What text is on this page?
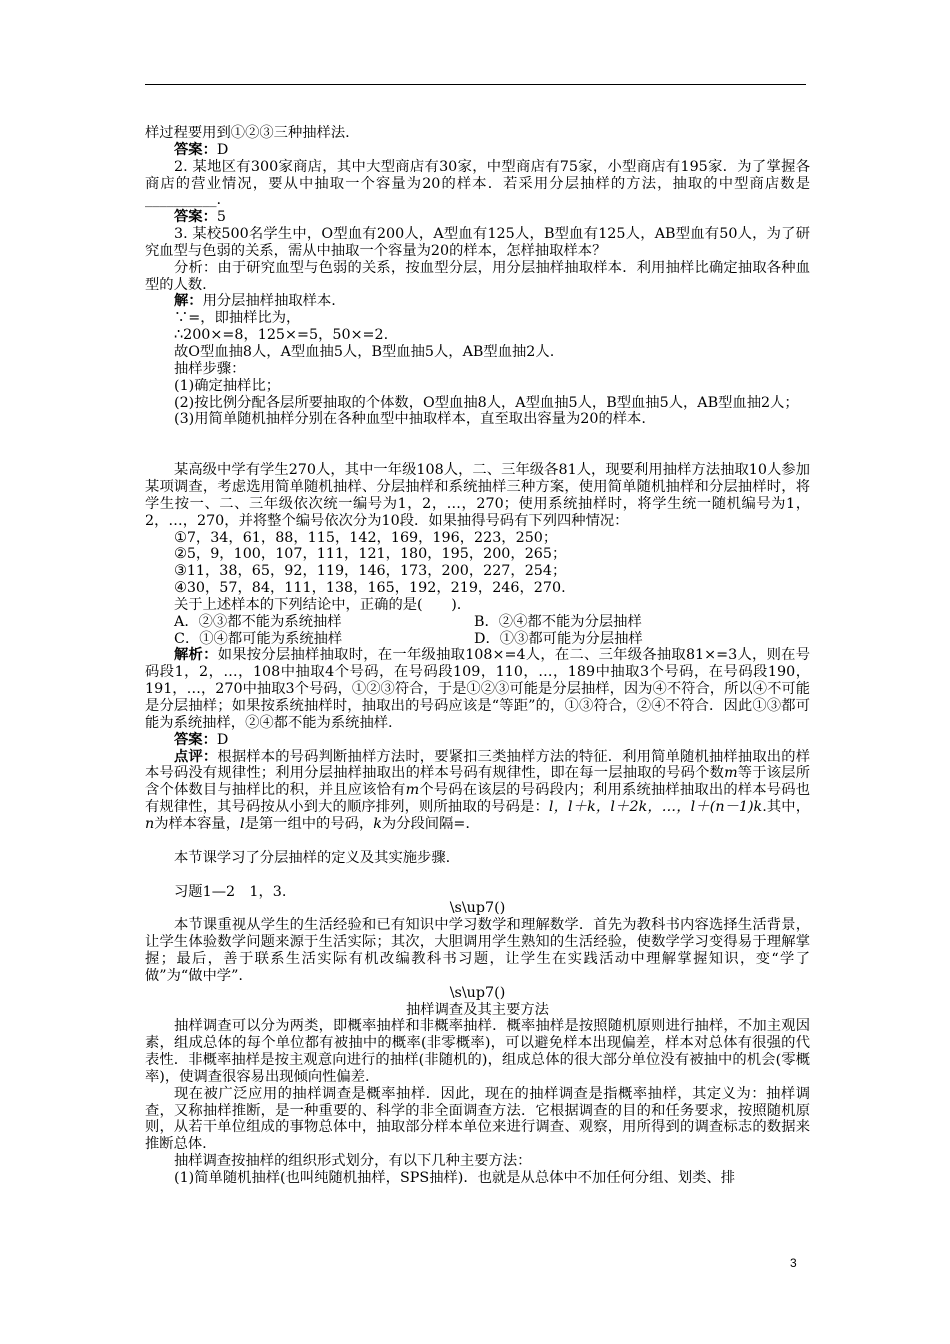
样过程要用到①②③三种抽样法.

答案：D

2. 某地区有300家商店，其中大型商店有30家，中型商店有75家，小型商店有195家．为了掌握各商店的营业情况，要从中抽取一个容量为20的样本．若采用分层抽样的方法，抽取的中型商店数是__________.

答案：5

3. 某校500名学生中，O型血有200人，A型血有125人，B型血有125人，AB型血有50人，为了研究血型与色弱的关系，需从中抽取一个容量为20的样本，怎样抽取样本？

分析：由于研究血型与色弱的关系，按血型分层，用分层抽样抽取样本．利用抽样比确定抽取各种血型的人数.

解：用分层抽样抽取样本.

∵=，即抽样比为，

∴200×=8，125×=5，50×=2.

故O型血抽8人，A型血抽5人，B型血抽5人，AB型血抽2人.

抽样步骤：

(1)确定抽样比；

(2)按比例分配各层所要抽取的个体数，O型血抽8人，A型血抽5人，B型血抽5人，AB型血抽2人；

(3)用简单随机抽样分别在各种血型中抽取样本，直至取出容量为20的样本.

某高级中学有学生270人，其中一年级108人，二、三年级各81人，现要利用抽样方法抽取10人参加某项调查，考虑选用简单随机抽样、分层抽样和系统抽样三种方案，使用简单随机抽样和分层抽样时，将学生按一、二、三年级依次统一编号为1，2，…，270；使用系统抽样时，将学生统一随机编号为1，2，…，270，并将整个编号依次分为10段．如果抽得号码有下列四种情况：

①7，34，61，88，115，142，169，196，223，250；

②5，9，100，107，111，121，180，195，200，265；

③11，38，65，92，119，146，173，200，227，254；

④30，57，84，111，138，165，192，219，246，270.

关于上述样本的下列结论中，正确的是(　　).

A．②③都不能为系统抽样	B．②④都不能为分层抽样
C．①④都可能为系统抽样	D．①③都可能为分层抽样

解析：如果按分层抽样抽取时，在一年级抽取108×=4人，在二、三年级各抽取81×=3人，则在号码段1，2，…，108中抽取4个号码，在号码段109，110，…，189中抽取3个号码，在号码段190，191，…，270中抽取3个号码，①②③符合，于是①②③可能是分层抽样，因为④不符合，所以④不可能是分层抽样；如果按系统抽样时，抽取出的号码应该是“等距”的，①③符合，②④不符合．因此①③都可能为系统抽样，②④都不能为系统抽样.

答案：D

点评：根据样本的号码判断抽样方法时，要紧扣三类抽样方法的特征．利用简单随机抽样抽取出的样本号码没有规律性；利用分层抽样抽取出的样本号码有规律性，即在每一层抽取的号码个数m等于该层所含个体数目与抽样比的积，并且应该恰有m个号码在该层的号码段内；利用系统抽样抽取出的样本号码也有规律性，其号码按从小到大的顺序排列，则所抽取的号码是：l，l＋k，l＋2k，…，l＋(n－1)k.其中，n为样本容量，l是第一组中的号码，k为分段间隔=.

本节课学习了分层抽样的定义及其实施步骤.

习题1—2　1，3.

\s\up7()

本节课重视从学生的生活经验和已有知识中学习数学和理解数学．首先为教科书内容选择生活背景，让学生体验数学问题来源于生活实际；其次，大胆调用学生熟知的生活经验，使数学学习变得易于理解掌握；最后，善于联系生活实际有机改编教科书习题，让学生在实践活动中理解掌握知识，变“学了做”为“做中学”.

\s\up7()

抽样调查及其主要方法

抽样调查可以分为两类，即概率抽样和非概率抽样．概率抽样是按照随机原则进行抽样，不加主观因素，组成总体的每个单位都有被抽中的概率(非零概率)，可以避免样本出现偏差，样本对总体有很强的代表性．非概率抽样是按主观意向进行的抽样(非随机的)，组成总体的很大部分单位没有被抽中的机会(零概率)，使调查很容易出现倾向性偏差.

现在被广泛应用的抽样调查是概率抽样．因此，现在的抽样调查是指概率抽样，其定义为：抽样调查，又称抽样推断，是一种重要的、科学的非全面调查方法．它根据调查的目的和任务要求，按照随机原则，从若干单位组成的事物总体中，抽取部分样本单位来进行调查、观察，用所得到的调查标志的数据来推断总体.

抽样调查按抽样的组织形式划分，有以下几种主要方法：

(1)简单随机抽样(也叫纯随机抽样，SPS抽样)．也就是从总体中不加任何分组、划类、排

3
